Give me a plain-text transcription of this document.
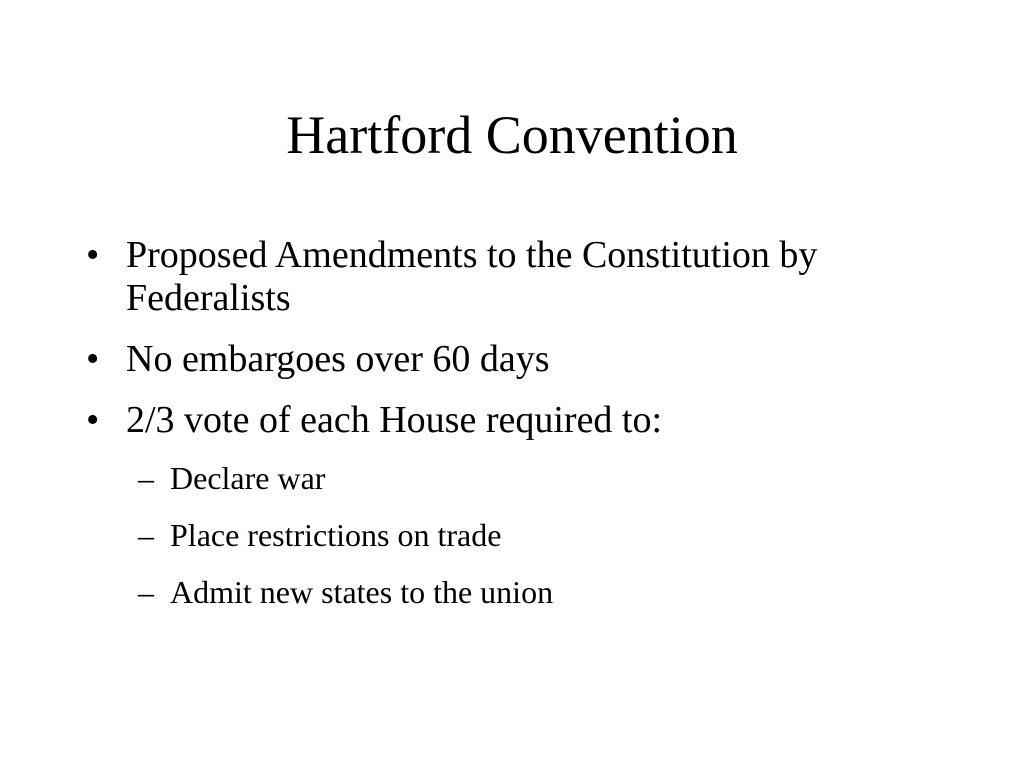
Hartford Convention
• Proposed Amendments to the Constitution by Federalists
• No embargoes over 60 days
• 2/3 vote of each House required to:
– Declare war
– Place restrictions on trade
– Admit new states to the union
